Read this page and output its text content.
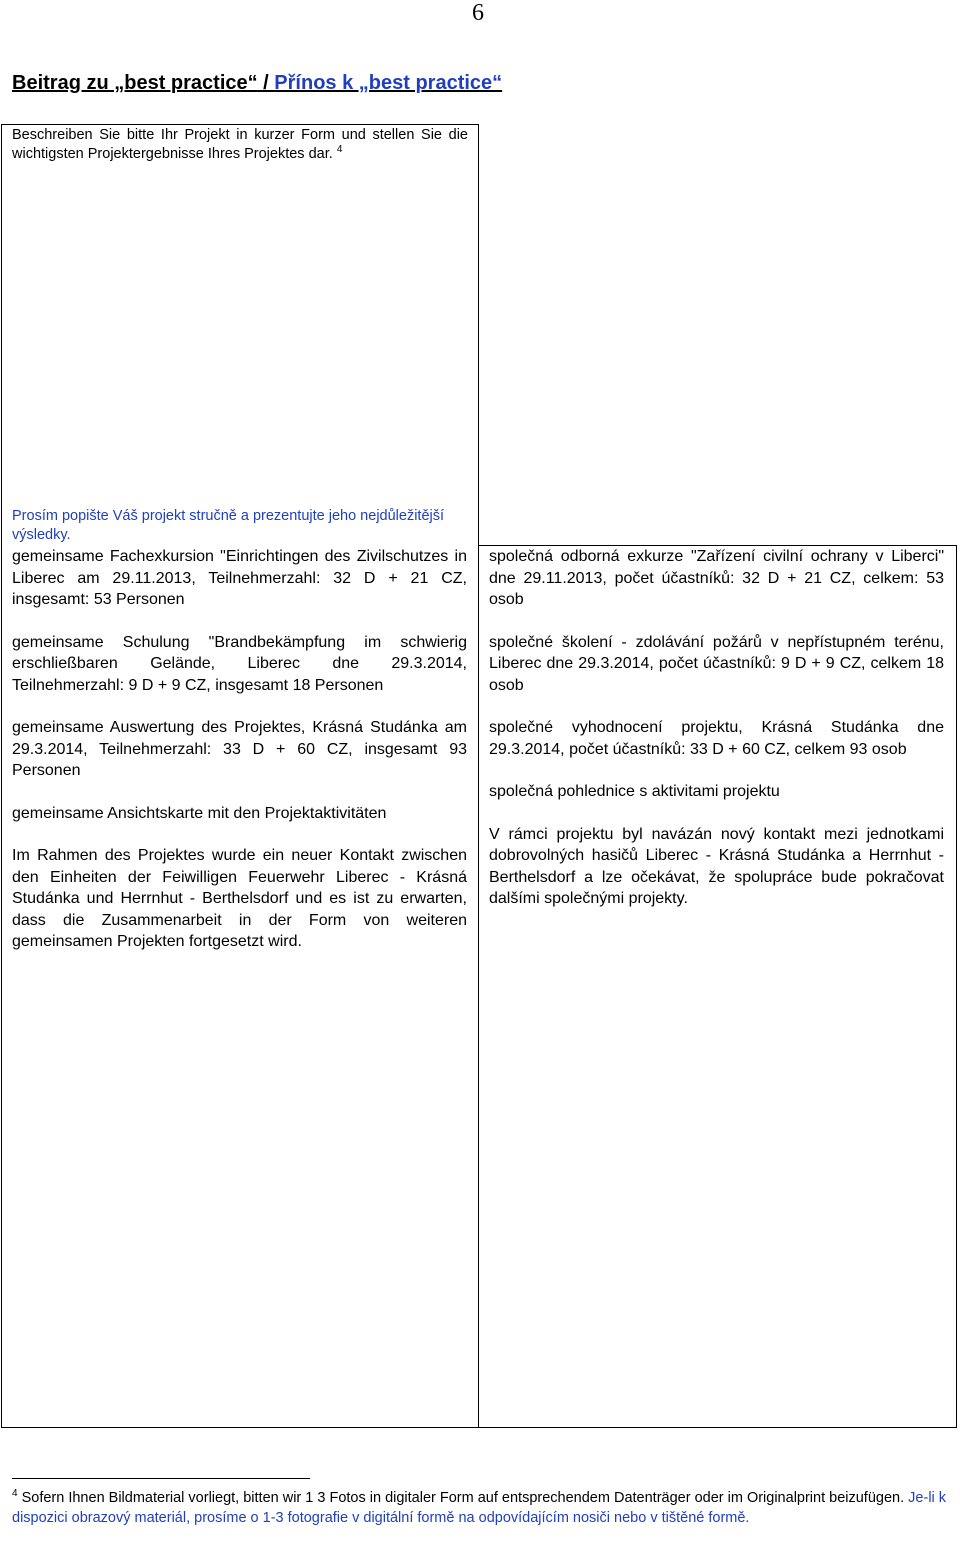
6
Beitrag zu „best practice“ / Přínos k „best practice“
Beschreiben Sie bitte Ihr Projekt in kurzer Form und stellen Sie die wichtigsten Projektergebnisse Ihres Projektes dar. $^4$
Prosím popište Váš projekt stručně a prezentujte jeho nejdůležitější výsledky.

gemeinsame Fachexkursion "Einrichtingen des Zivilschutzes in Liberec am 29.11.2013, Teilnehmerzahl: 32 D + 21 CZ, insgesamt: 53 Personen

gemeinsame Schulung "Brandbekämpfung im schwierig erschließbaren Gelände, Liberec dne 29.3.2014, Teilnehmerzahl: 9 D + 9 CZ, insgesamt 18 Personen

gemeinsame Auswertung des Projektes, Krásná Studánka am 29.3.2014, Teilnehmerzahl: 33 D + 60 CZ, insgesamt 93 Personen

gemeinsame Ansichtskarte mit den Projektaktivitäten

Im Rahmen des Projektes wurde ein neuer Kontakt zwischen den Einheiten der Feiwilligen Feuerwehr Liberec - Krásná Studánka und Herrnhut - Berthelsdorf und es ist zu erwarten, dass die Zusammenarbeit in der Form von weiteren gemeinsamen Projekten fortgesetzt wird.

společná odborná exkurze "Zařízení civilní ochrany v Liberci" dne 29.11.2013, počet účastníků: 32 D + 21 CZ, celkem: 53 osob

společné školení - zdolávání požárů v nepřístupném terénu, Liberec dne 29.3.2014, počet účastníků: 9 D + 9 CZ, celkem 18 osob

společné vyhodnocení projektu, Krásná Studánka dne 29.3.2014, počet účastníků: 33 D + 60 CZ, celkem 93 osob

společná pohlednice s aktivitami projektu

V rámci projektu byl navázán nový kontakt mezi jednotkami dobrovolných hasičů Liberec - Krásná Studánka a Herrnhut - Berthelsdorf a lze očekávat, že spolupráce bude pokračovat dalšími společnými projekty.

$^4$ Sofern Ihnen Bildmaterial vorliegt, bitten wir 1 3 Fotos in digitaler Form auf entsprechendem Datenträger oder im Originalprint beizufügen. Je-li k dispozici obrazový materiál, prosíme o 1-3 fotografie v digitální formě na odpovídajícím nosiči nebo v tištěné formě.
